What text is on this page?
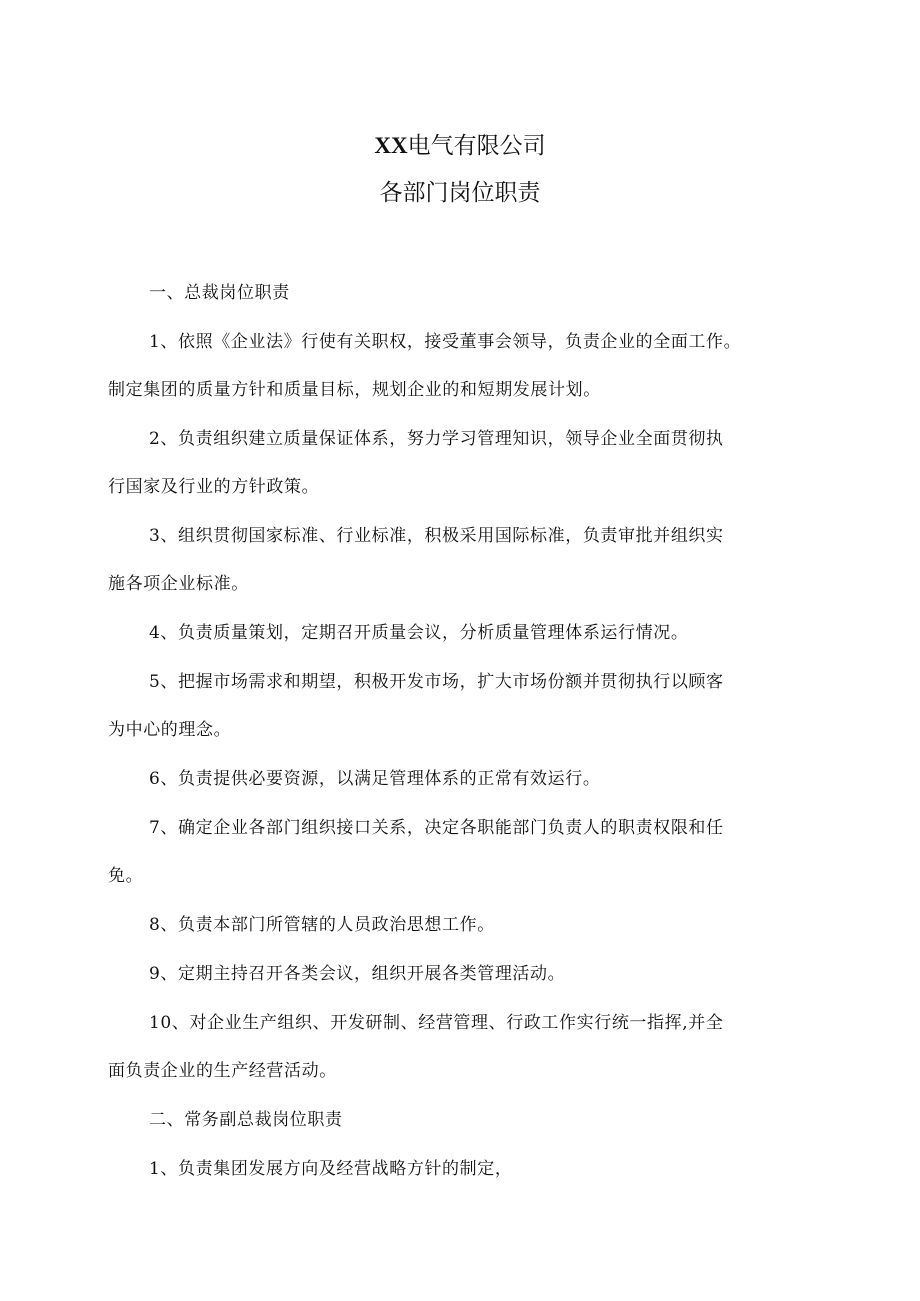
XX电气有限公司
各部门岗位职责

一、总裁岗位职责

1、依照《企业法》行使有关职权，接受董事会领导，负责企业的全面工作。
制定集团的质量方针和质量目标，规划企业的和短期发展计划。

2、负责组织建立质量保证体系，努力学习管理知识，领导企业全面贯彻执
行国家及行业的方针政策。

3、组织贯彻国家标准、行业标准，积极采用国际标准，负责审批并组织实
施各项企业标准。

4、负责质量策划，定期召开质量会议，分析质量管理体系运行情况。

5、把握市场需求和期望，积极开发市场，扩大市场份额并贯彻执行以顾客
为中心的理念。

6、负责提供必要资源，以满足管理体系的正常有效运行。

7、确定企业各部门组织接口关系，决定各职能部门负责人的职责权限和任
免。

8、负责本部门所管辖的人员政治思想工作。

9、定期主持召开各类会议，组织开展各类管理活动。

10、对企业生产组织、开发研制、经营管理、行政工作实行统一指挥,并全
面负责企业的生产经营活动。

二、常务副总裁岗位职责

1、负责集团发展方向及经营战略方针的制定，
